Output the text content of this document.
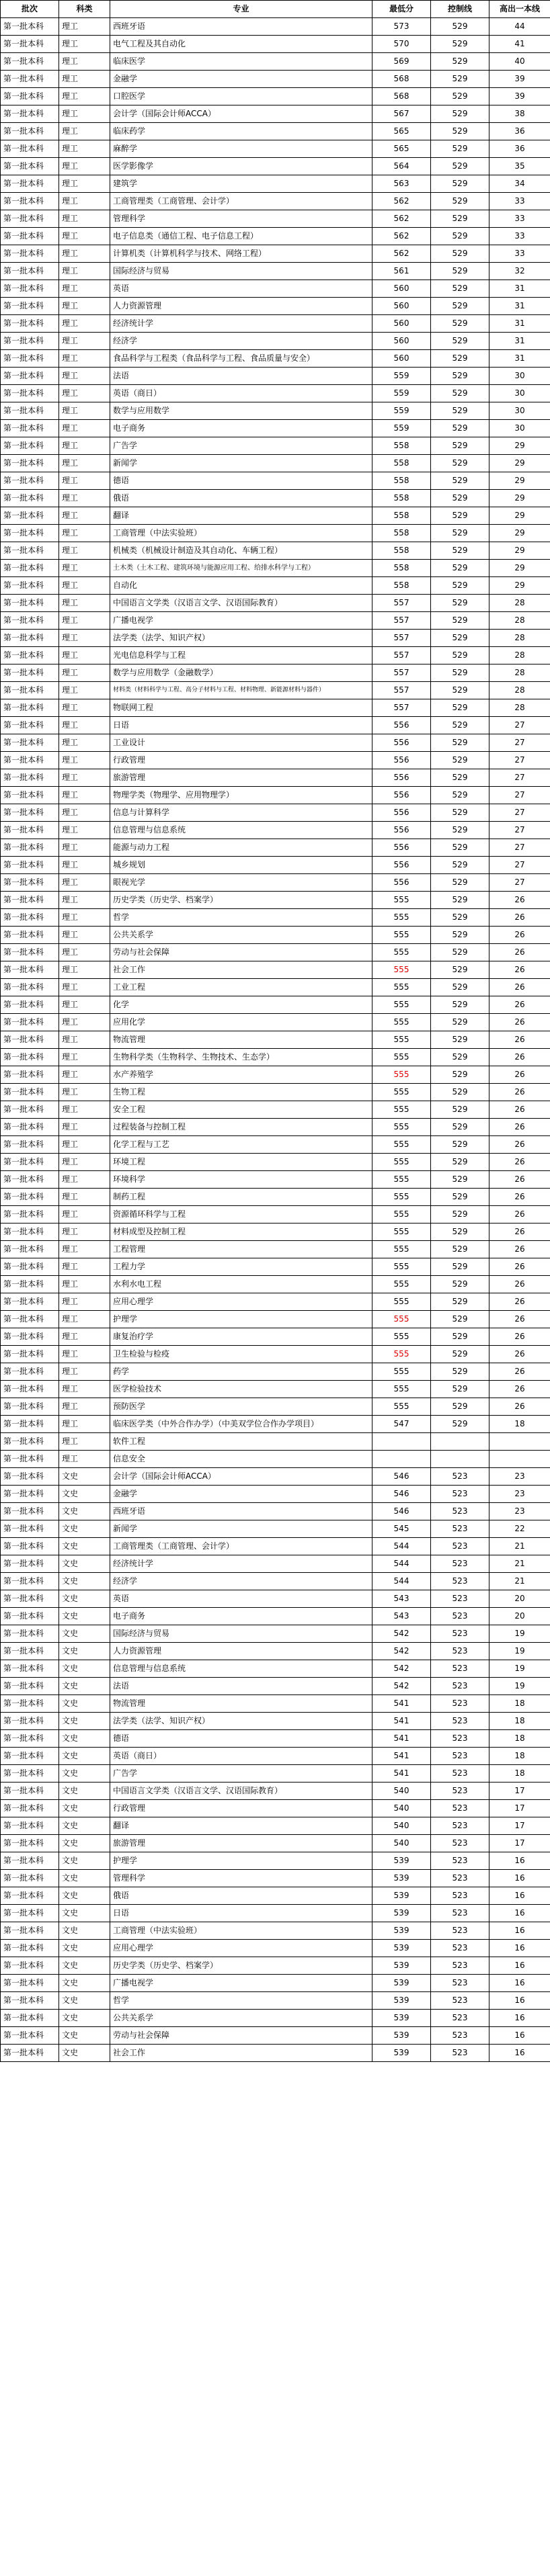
批次	科类	专业	最低分	控制线	高出一本线
第一批本科	理工	西班牙语	573	529	44
第一批本科	理工	电气工程及其自动化	570	529	41
第一批本科	理工	临床医学	569	529	40
第一批本科	理工	金融学	568	529	39
第一批本科	理工	口腔医学	568	529	39
第一批本科	理工	会计学（国际会计师ACCA）	567	529	38
第一批本科	理工	临床药学	565	529	36
第一批本科	理工	麻醉学	565	529	36
第一批本科	理工	医学影像学	564	529	35
第一批本科	理工	建筑学	563	529	34
第一批本科	理工	工商管理类（工商管理、会计学）	562	529	33
第一批本科	理工	管理科学	562	529	33
第一批本科	理工	电子信息类（通信工程、电子信息工程）	562	529	33
第一批本科	理工	计算机类（计算机科学与技术、网络工程）	562	529	33
第一批本科	理工	国际经济与贸易	561	529	32
第一批本科	理工	英语	560	529	31
第一批本科	理工	人力资源管理	560	529	31
第一批本科	理工	经济统计学	560	529	31
第一批本科	理工	经济学	560	529	31
第一批本科	理工	食品科学与工程类（食品科学与工程、食品质量与安全）	560	529	31
第一批本科	理工	法语	559	529	30
第一批本科	理工	英语（商日）	559	529	30
第一批本科	理工	数学与应用数学	559	529	30
第一批本科	理工	电子商务	559	529	30
第一批本科	理工	广告学	558	529	29
第一批本科	理工	新闻学	558	529	29
第一批本科	理工	德语	558	529	29
第一批本科	理工	俄语	558	529	29
第一批本科	理工	翻译	558	529	29
第一批本科	理工	工商管理（中法实验班）	558	529	29
第一批本科	理工	机械类（机械设计制造及其自动化、车辆工程）	558	529	29
第一批本科	理工	土木类（土木工程、建筑环境与能源应用工程、给排水科学与工程）	558	529	29
第一批本科	理工	自动化	558	529	29
第一批本科	理工	中国语言文学类（汉语言文学、汉语国际教育）	557	529	28
第一批本科	理工	广播电视学	557	529	28
第一批本科	理工	法学类（法学、知识产权）	557	529	28
第一批本科	理工	光电信息科学与工程	557	529	28
第一批本科	理工	数学与应用数学（金融数学）	557	529	28
第一批本科	理工	材料类（材料科学与工程、高分子材料与工程、材料物理、新能源材料与器件）	557	529	28
第一批本科	理工	物联网工程	557	529	28
第一批本科	理工	日语	556	529	27
第一批本科	理工	工业设计	556	529	27
第一批本科	理工	行政管理	556	529	27
第一批本科	理工	旅游管理	556	529	27
第一批本科	理工	物理学类（物理学、应用物理学）	556	529	27
第一批本科	理工	信息与计算科学	556	529	27
第一批本科	理工	信息管理与信息系统	556	529	27
第一批本科	理工	能源与动力工程	556	529	27
第一批本科	理工	城乡规划	556	529	27
第一批本科	理工	眼视光学	556	529	27
第一批本科	理工	历史学类（历史学、档案学）	555	529	26
第一批本科	理工	哲学	555	529	26
第一批本科	理工	公共关系学	555	529	26
第一批本科	理工	劳动与社会保障	555	529	26
第一批本科	理工	社会工作	555	529	26
第一批本科	理工	工业工程	555	529	26
第一批本科	理工	化学	555	529	26
第一批本科	理工	应用化学	555	529	26
第一批本科	理工	物流管理	555	529	26
第一批本科	理工	生物科学类（生物科学、生物技术、生态学）	555	529	26
第一批本科	理工	水产养殖学	555	529	26
第一批本科	理工	生物工程	555	529	26
第一批本科	理工	安全工程	555	529	26
第一批本科	理工	过程装备与控制工程	555	529	26
第一批本科	理工	化学工程与工艺	555	529	26
第一批本科	理工	环境工程	555	529	26
第一批本科	理工	环境科学	555	529	26
第一批本科	理工	制药工程	555	529	26
第一批本科	理工	资源循环科学与工程	555	529	26
第一批本科	理工	材料成型及控制工程	555	529	26
第一批本科	理工	工程管理	555	529	26
第一批本科	理工	工程力学	555	529	26
第一批本科	理工	水利水电工程	555	529	26
第一批本科	理工	应用心理学	555	529	26
第一批本科	理工	护理学	555	529	26
第一批本科	理工	康复治疗学	555	529	26
第一批本科	理工	卫生检验与检疫	555	529	26
第一批本科	理工	药学	555	529	26
第一批本科	理工	医学检验技术	555	529	26
第一批本科	理工	预防医学	555	529	26
第一批本科	理工	临床医学类（中外合作办学）（中美双学位合作办学项目）	547	529	18
第一批本科	理工	软件工程			
第一批本科	理工	信息安全			
第一批本科	文史	会计学（国际会计师ACCA）	546	523	23
第一批本科	文史	金融学	546	523	23
第一批本科	文史	西班牙语	546	523	23
第一批本科	文史	新闻学	545	523	22
第一批本科	文史	工商管理类（工商管理、会计学）	544	523	21
第一批本科	文史	经济统计学	544	523	21
第一批本科	文史	经济学	544	523	21
第一批本科	文史	英语	543	523	20
第一批本科	文史	电子商务	543	523	20
第一批本科	文史	国际经济与贸易	542	523	19
第一批本科	文史	人力资源管理	542	523	19
第一批本科	文史	信息管理与信息系统	542	523	19
第一批本科	文史	法语	542	523	19
第一批本科	文史	物流管理	541	523	18
第一批本科	文史	法学类（法学、知识产权）	541	523	18
第一批本科	文史	德语	541	523	18
第一批本科	文史	英语（商日）	541	523	18
第一批本科	文史	广告学	541	523	18
第一批本科	文史	中国语言文学类（汉语言文学、汉语国际教育）	540	523	17
第一批本科	文史	行政管理	540	523	17
第一批本科	文史	翻译	540	523	17
第一批本科	文史	旅游管理	540	523	17
第一批本科	文史	护理学	539	523	16
第一批本科	文史	管理科学	539	523	16
第一批本科	文史	俄语	539	523	16
第一批本科	文史	日语	539	523	16
第一批本科	文史	工商管理（中法实验班）	539	523	16
第一批本科	文史	应用心理学	539	523	16
第一批本科	文史	历史学类（历史学、档案学）	539	523	16
第一批本科	文史	广播电视学	539	523	16
第一批本科	文史	哲学	539	523	16
第一批本科	文史	公共关系学	539	523	16
第一批本科	文史	劳动与社会保障	539	523	16
第一批本科	文史	社会工作	539	523	16
